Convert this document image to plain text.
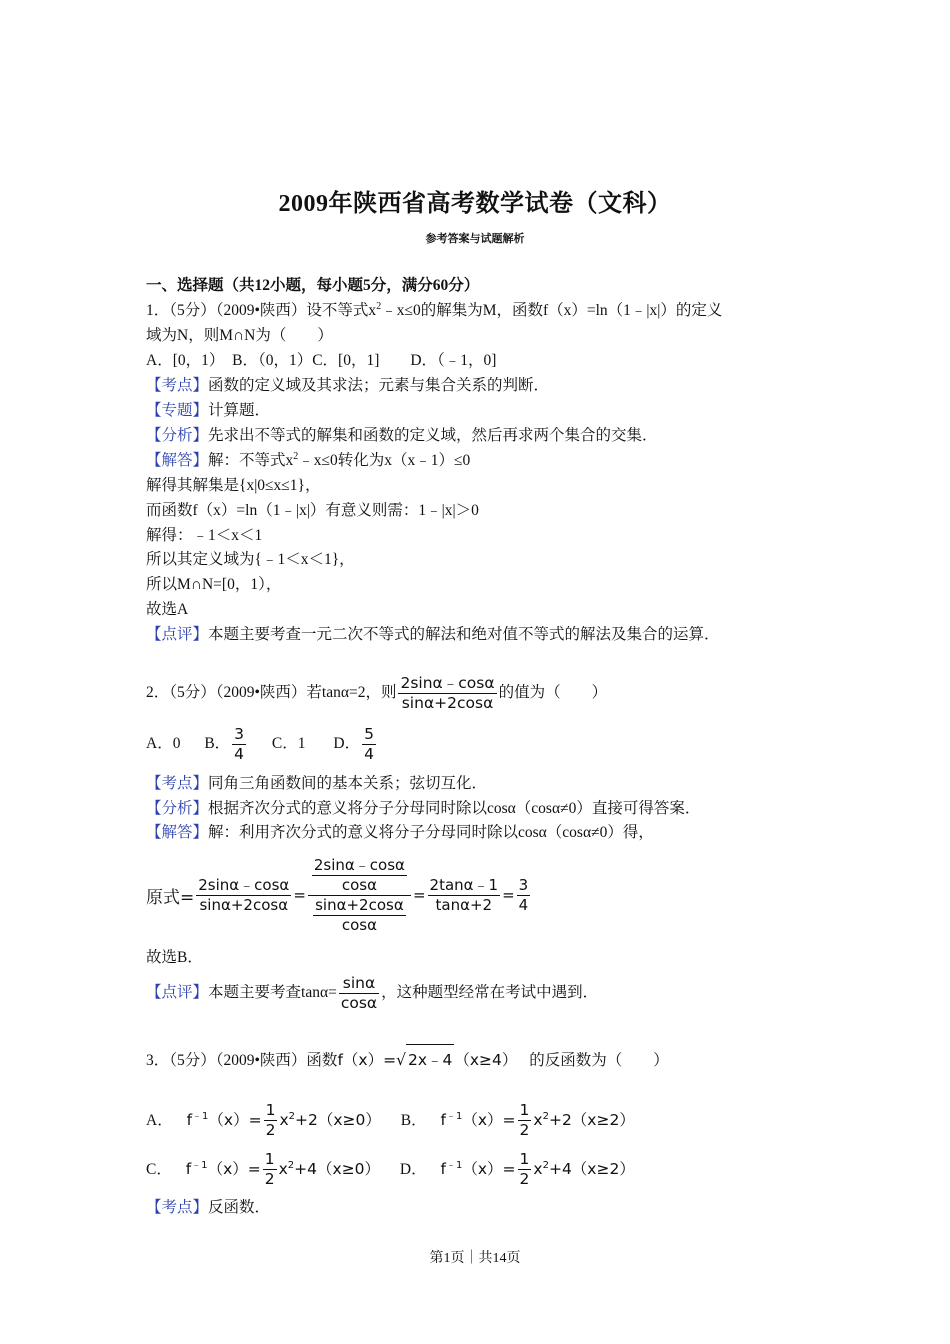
2009年陕西省高考数学试卷（文科）
参考答案与试题解析
一、选择题（共12小题，每小题5分，满分60分）
1．（5分）（2009•陕西）设不等式$x^2﹣x\le 0$的解集为M，函数f（x）=ln（1﹣|x|）的定义
域为N，则M∩N为（　　）
A．[0，1）　B．（0，1）C．[0，1]　　D．（﹣1，0]
【考点】函数的定义域及其求法；元素与集合关系的判断．
【专题】计算题．
【分析】先求出不等式的解集和函数的定义域，然后再求两个集合的交集．
【解答】解：不等式$x^2﹣x\le 0$转化为x（x﹣1）≤0
解得其解集是{x|0≤x≤1}，
而函数f（x）=ln（1﹣|x|）有意义则需：1﹣|x|＞0
解得：﹣1＜x＜1
所以其定义域为{﹣1＜x＜1}，
所以M∩N=[0，1），
故选A
【点评】本题主要考查一元二次不等式的解法和绝对值不等式的解法及集合的运算．
2．（5分）（2009•陕西）若tanα=2，则 $\frac{2\sin\alpha﹣\cos\alpha}{\sin\alpha+2\cos\alpha}$ 的值为（　　）
A．0 B． $\frac{3}{4}$ C．1 D． $\frac{5}{4}$
【考点】同角三角函数间的基本关系；弦切互化．
【分析】根据齐次分式的意义将分子分母同时除以cosα（cosα≠0）直接可得答案．
【解答】解：利用齐次分式的意义将分子分母同时除以cosα（cosα≠0）得，
原式= $\frac{2\sin\alpha﹣\cos\alpha}{\sin\alpha+2\cos\alpha} = \frac{\frac{2\sin\alpha﹣\cos\alpha}{\cos\alpha}}{\frac{\sin\alpha+2\cos\alpha}{\cos\alpha}} = \frac{2\tan\alpha﹣1}{\tan\alpha+2} = \frac{3}{4}$
故选B．
【点评】本题主要考查$\tan\alpha= \frac{\sin\alpha}{\cos\alpha}$ ，这种题型经常在考试中遇到．
3．（5分）（2009•陕西）函数f（x）=√ 2x﹣4 （x≥4） 的反函数为（　　）
A． $f^{﹣1}(x)= \frac{1}{2} x^2+2(x\ge 0)$ B． $f^{﹣1}(x)= \frac{1}{2} x^2+2(x\ge 2)$
C． $f^{﹣1}(x)= \frac{1}{2} x^2+4(x\ge 0)$ D． $f^{﹣1}(x)= \frac{1}{2} x^2+4(x\ge 2)$
【考点】反函数．
第1页｜共14页
